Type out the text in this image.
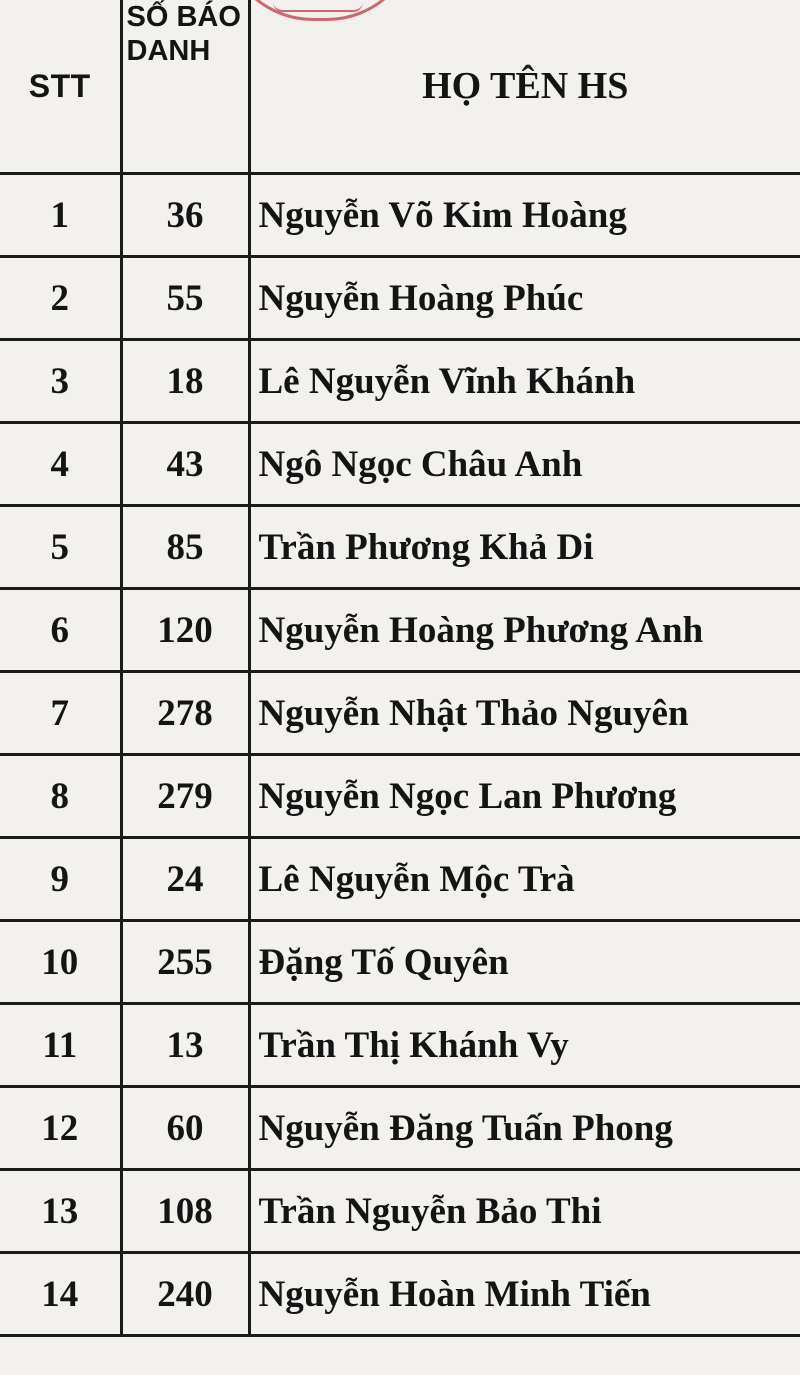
STT	SỐ BÁO DANH	HỌ TÊN HS
1	36	Nguyễn Võ Kim Hoàng
2	55	Nguyễn Hoàng Phúc
3	18	Lê Nguyễn Vĩnh Khánh
4	43	Ngô Ngọc Châu Anh
5	85	Trần Phương Khả Di
6	120	Nguyễn Hoàng Phương Anh
7	278	Nguyễn Nhật Thảo Nguyên
8	279	Nguyễn Ngọc Lan Phương
9	24	Lê Nguyễn Mộc Trà
10	255	Đặng Tố Quyên
11	13	Trần Thị Khánh Vy
12	60	Nguyễn Đăng Tuấn Phong
13	108	Trần Nguyễn Bảo Thi
14	240	Nguyễn Hoàn Minh Tiến
